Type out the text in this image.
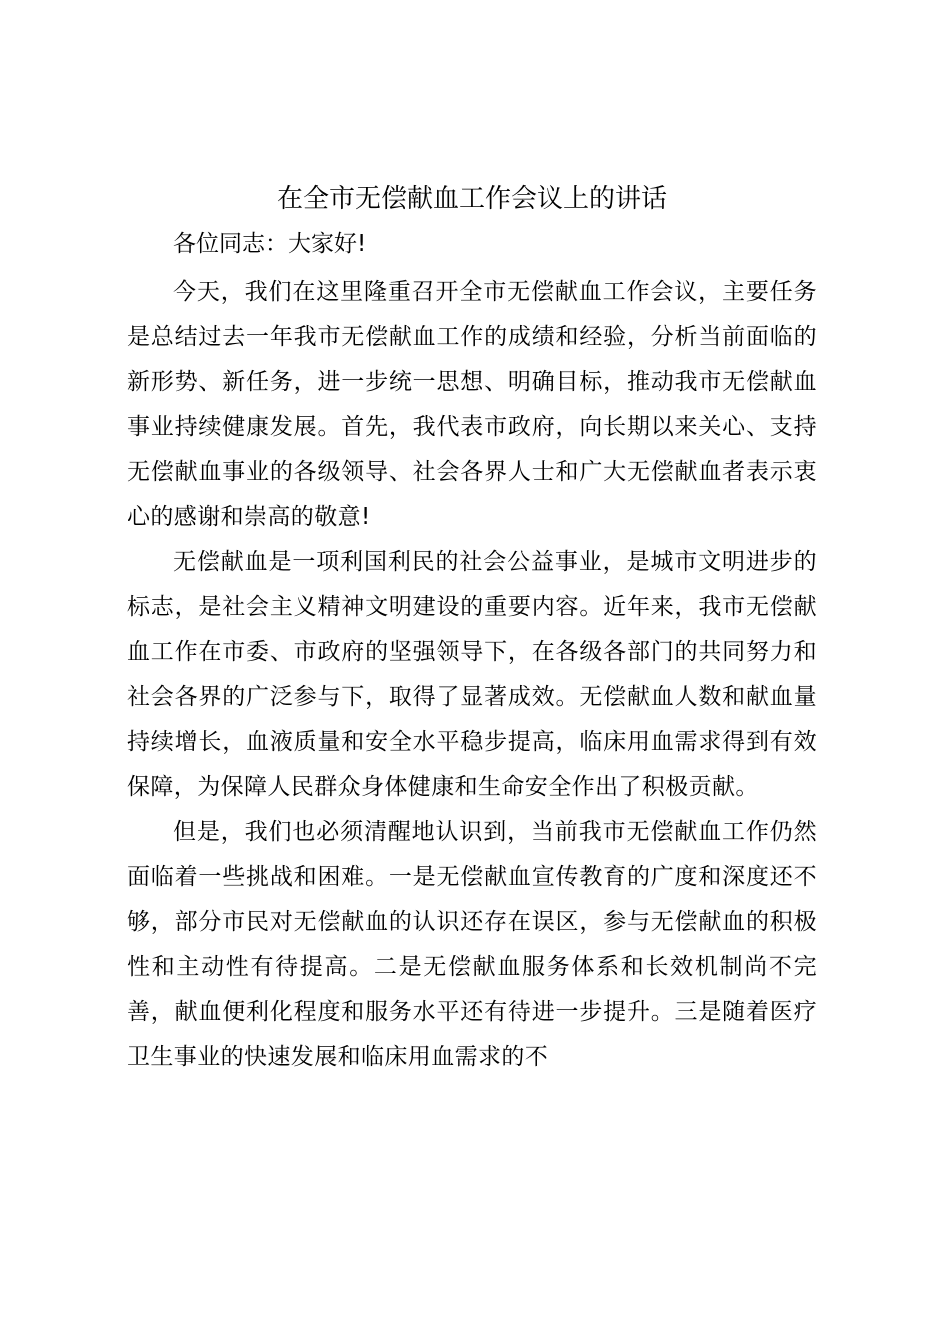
在全市无偿献血工作会议上的讲话
各位同志：大家好!

今天，我们在这里隆重召开全市无偿献血工作会议，主要任务是总结过去一年我市无偿献血工作的成绩和经验，分析当前面临的新形势、新任务，进一步统一思想、明确目标，推动我市无偿献血事业持续健康发展。首先，我代表市政府，向长期以来关心、支持无偿献血事业的各级领导、社会各界人士和广大无偿献血者表示衷心的感谢和崇高的敬意!

无偿献血是一项利国利民的社会公益事业，是城市文明进步的标志，是社会主义精神文明建设的重要内容。近年来，我市无偿献血工作在市委、市政府的坚强领导下，在各级各部门的共同努力和社会各界的广泛参与下，取得了显著成效。无偿献血人数和献血量持续增长，血液质量和安全水平稳步提高，临床用血需求得到有效保障，为保障人民群众身体健康和生命安全作出了积极贡献。

但是，我们也必须清醒地认识到，当前我市无偿献血工作仍然面临着一些挑战和困难。一是无偿献血宣传教育的广度和深度还不够，部分市民对无偿献血的认识还存在误区，参与无偿献血的积极性和主动性有待提高。二是无偿献血服务体系和长效机制尚不完善，献血便利化程度和服务水平还有待进一步提升。三是随着医疗卫生事业的快速发展和临床用血需求的不
